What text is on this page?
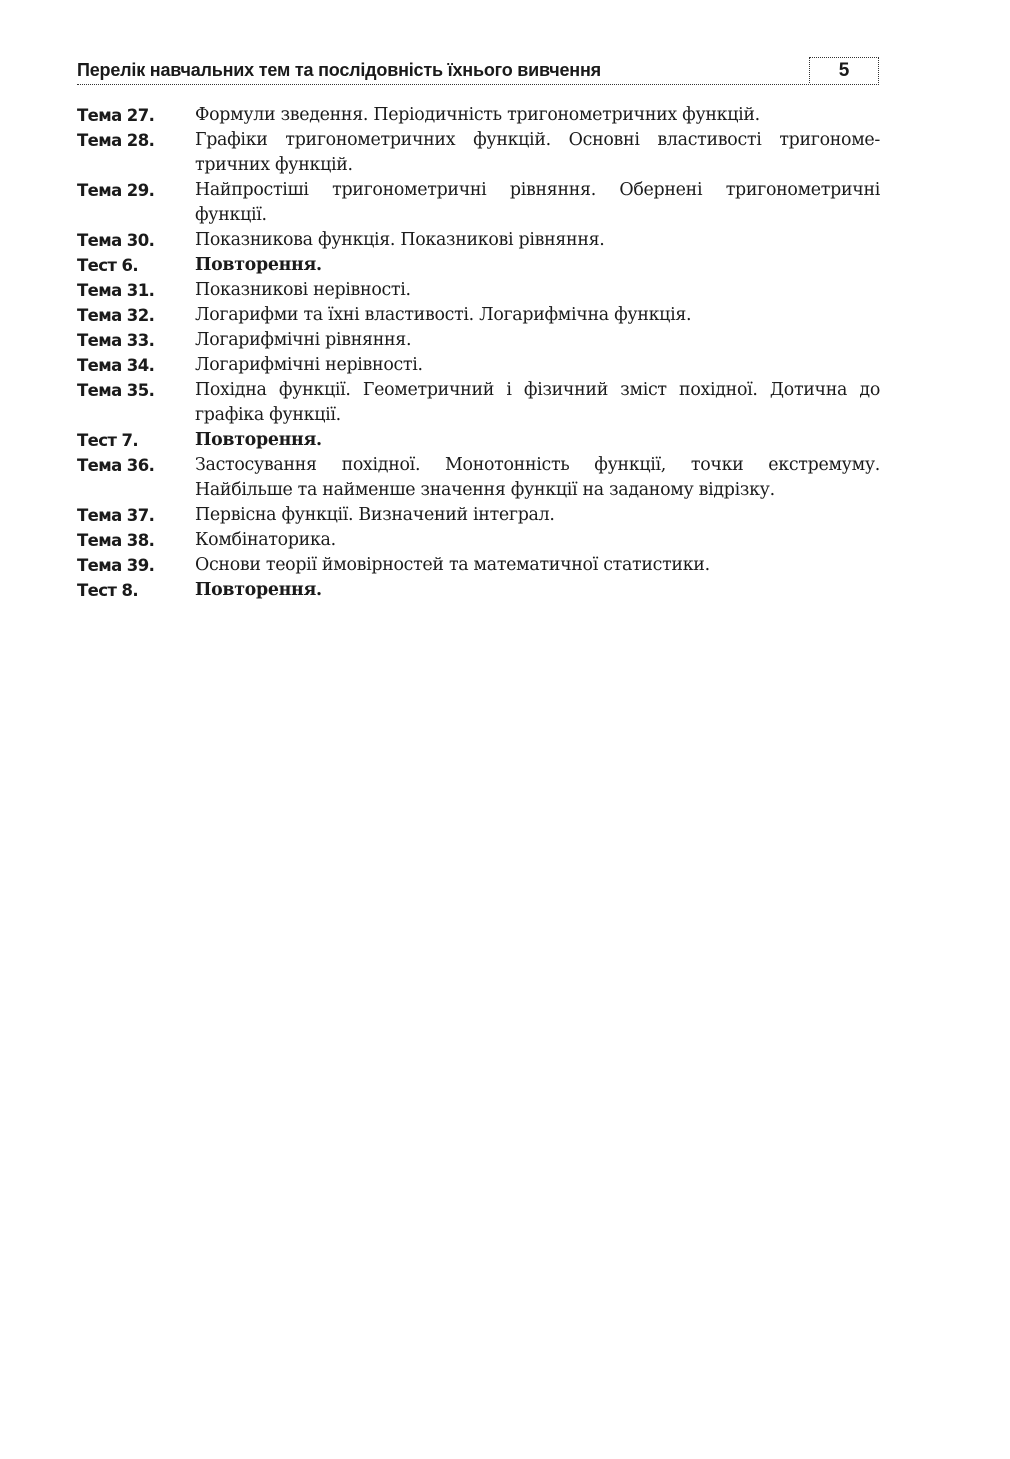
Перелік навчальних тем та послідовність їхнього вивчення	5
Тема 27.	Формули зведення. Періодичність тригонометричних функцій.
Тема 28.	Графіки тригонометричних функцій. Основні властивості тригономе-тричних функцій.
Тема 29.	Найпростіші тригонометричні рівняння. Обернені тригонометричні функції.
Тема 30.	Показникова функція. Показникові рівняння.
Тест 6.	Повторення.
Тема 31.	Показникові нерівності.
Тема 32.	Логарифми та їхні властивості. Логарифмічна функція.
Тема 33.	Логарифмічні рівняння.
Тема 34.	Логарифмічні нерівності.
Тема 35.	Похідна функції. Геометричний і фізичний зміст похідної. Дотична до графіка функції.
Тест 7.	Повторення.
Тема 36.	Застосування похідної. Монотонність функції, точки екстремуму. Найбільше та найменше значення функції на заданому відрізку.
Тема 37.	Первісна функції. Визначений інтеграл.
Тема 38.	Комбінаторика.
Тема 39.	Основи теорії ймовірностей та математичної статистики.
Тест 8.	Повторення.
